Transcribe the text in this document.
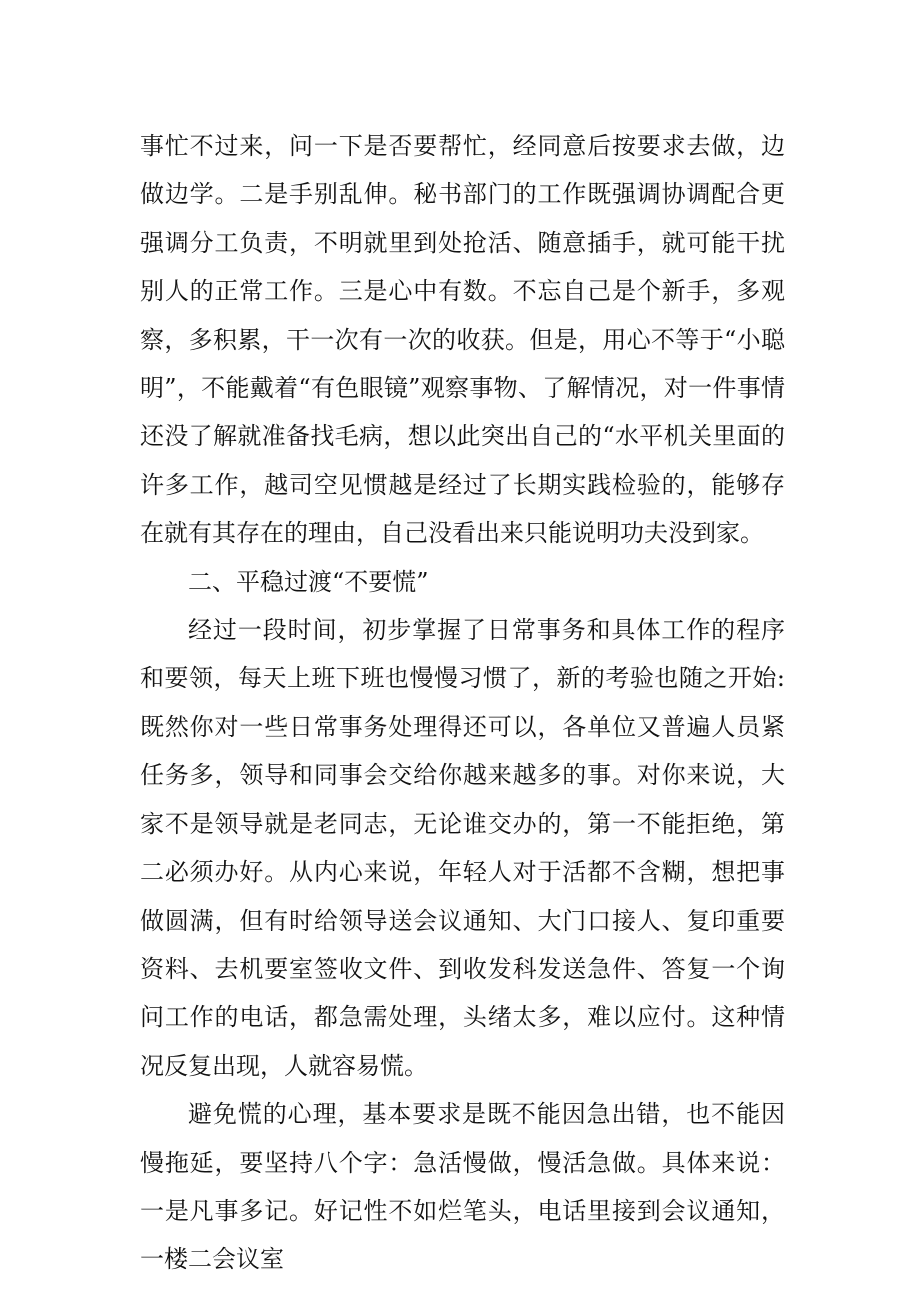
事忙不过来，问一下是否要帮忙，经同意后按要求去做，边做边学。二是手别乱伸。秘书部门的工作既强调协调配合更强调分工负责，不明就里到处抢活、随意插手，就可能干扰别人的正常工作。三是心中有数。不忘自己是个新手，多观察，多积累，干一次有一次的收获。但是，用心不等于“小聪明”，不能戴着“有色眼镜”观察事物、了解情况，对一件事情还没了解就准备找毛病，想以此突出自己的“水平机关里面的许多工作，越司空见惯越是经过了长期实践检验的，能够存在就有其存在的理由，自己没看出来只能说明功夫没到家。

二、平稳过渡“不要慌”

经过一段时间，初步掌握了日常事务和具体工作的程序和要领，每天上班下班也慢慢习惯了，新的考验也随之开始:既然你对一些日常事务处理得还可以，各单位又普遍人员紧任务多，领导和同事会交给你越来越多的事。对你来说，大家不是领导就是老同志，无论谁交办的，第一不能拒绝，第二必须办好。从内心来说，年轻人对于活都不含糊，想把事做圆满，但有时给领导送会议通知、大门口接人、复印重要资料、去机要室签收文件、到收发科发送急件、答复一个询问工作的电话，都急需处理，头绪太多，难以应付。这种情况反复出现，人就容易慌。

避免慌的心理，基本要求是既不能因急出错，也不能因慢拖延，要坚持八个字：急活慢做，慢活急做。具体来说：一是凡事多记。好记性不如烂笔头，电话里接到会议通知，一楼二会议室
